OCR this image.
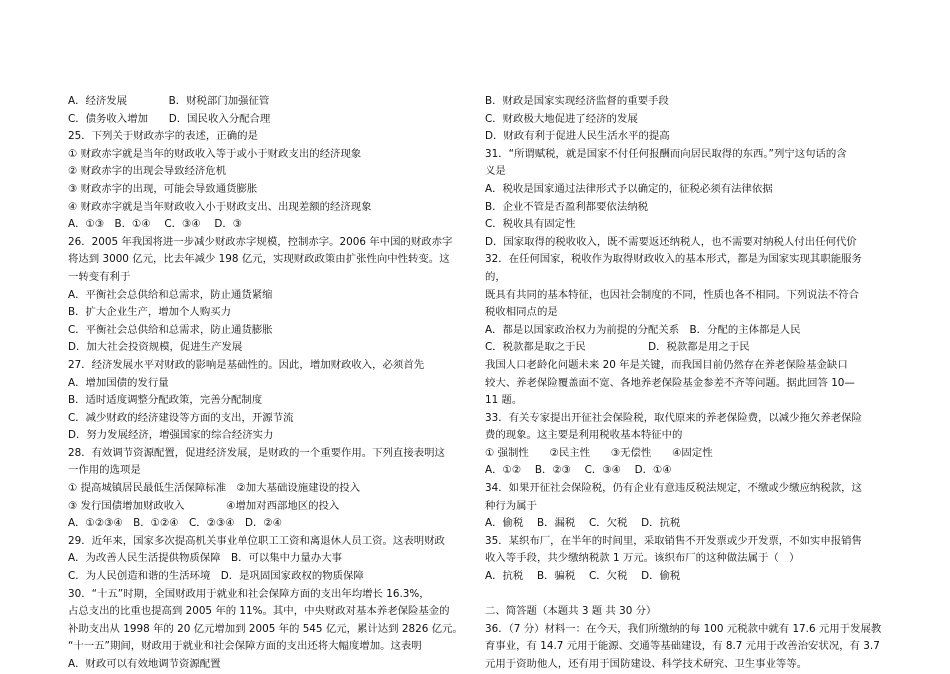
A．经济发展　　　　B．财税部门加强征管
C．债务收入增加　　D．国民收入分配合理
25．下列关于财政赤字的表述，正确的是
① 财政赤字就是当年的财政收入等于或小于财政支出的经济现象
② 财政赤字的出现会导致经济危机
③ 财政赤字的出现，可能会导致通货膨胀
④ 财政赤字就是当年财政收入小于财政支出、出现差额的经济现象
A．①③　B．①④　 C．③④　 D．③
26．2005 年我国将进一步减少财政赤字规模，控制赤字。2006 年中国的财政赤字
将达到 3000 亿元，比去年减少 198 亿元，实现财政政策由扩张性向中性转变。这
一转变有利于
A．平衡社会总供给和总需求，防止通货紧缩
B．扩大企业生产，增加个人购买力
C．平衡社会总供给和总需求，防止通货膨胀
D．加大社会投资规模，促进生产发展
27．经济发展水平对财政的影响是基础性的。因此，增加财政收入，必须首先
A．增加国债的发行量
B．适时适度调整分配政策，完善分配制度
C．减少财政的经济建设等方面的支出，开源节流
D．努力发展经济，增强国家的综合经济实力
28．有效调节资源配置，促进经济发展，是财政的一个重要作用。下列直接表明这
一作用的选项是
① 提高城镇居民最低生活保障标准　②加大基础设施建设的投入
③ 发行国债增加财政收入　　　　④增加对西部地区的投入
A．①②③④　B．①②④　C．②③④　D．②④
29．近年来，国家多次提高机关事业单位职工工资和离退休人员工资。这表明财政
A．为改善人民生活提供物质保障　B．可以集中力量办大事
C．为人民创造和谐的生活环境　D．是巩固国家政权的物质保障
30．“十五”时期，全国财政用于就业和社会保障方面的支出年均增长 16.3%，
占总支出的比重也提高到 2005 年的 11%。其中，中央财政对基本养老保险基金的
补助支出从 1998 年的 20 亿元增加到 2005 年的 545 亿元，累计达到 2826 亿元。
“十一五”期间，财政用于就业和社会保障方面的支出还将大幅度增加。这表明
A．财政可以有效地调节资源配置
B．财政是国家实现经济监督的重要手段
C．财政极大地促进了经济的发展
D．财政有利于促进人民生活水平的提高
31．“所谓赋税，就是国家不付任何报酬而向居民取得的东西。”列宁这句话的含
义是
A．税收是国家通过法律形式予以确定的，征税必须有法律依据
B．企业不管是否盈利都要依法纳税
C．税收具有固定性
D．国家取得的税收收入，既不需要返还纳税人，也不需要对纳税人付出任何代价
32．在任何国家，税收作为取得财政收入的基本形式，都是为国家实现其职能服务
的，
既具有共同的基本特征，也因社会制度的不同，性质也各不相同。下列说法不符合
税收相同点的是
A．都是以国家政治权力为前提的分配关系　B．分配的主体都是人民
C．税款都是取之于民　　　　　　D．税款都是用之于民
我国人口老龄化问题未来 20 年是关键，而我国目前仍然存在养老保险基金缺口
较大、养老保险覆盖面不宽、各地养老保险基金参差不齐等问题。据此回答 10—
11 题。
33．有关专家提出开征社会保险税，取代原来的养老保险费，以减少拖欠养老保险
费的现象。这主要是利用税收基本特征中的
① 强制性　　②民主性　　③无偿性　　④固定性
A．①②　 B．②③　 C．③④　 D．①④
34．如果开征社会保险税，仍有企业有意违反税法规定，不缴或少缴应纳税款，这
种行为属于
A．偷税　 B．漏税　 C．欠税　 D．抗税
35．某织布厂，在半年的时间里，采取销售不开发票或少开发票，不如实申报销售
收入等手段，共少缴纳税款 1 万元。该织布厂的这种做法属于（　）
A．抗税　 B．骗税　 C．欠税　 D．偷税

二、简答题（本题共 3 题 共 30 分）
36．（7 分）材料一：在今天，我们所缴纳的每 100 元税款中就有 17.6 元用于发展教
育事业，有 14.7 元用于能源、交通等基础建设，有 8.7 元用于改善治安状况，有 3.7
元用于资助他人，还有用于国防建设、科学技术研究、卫生事业等等。
